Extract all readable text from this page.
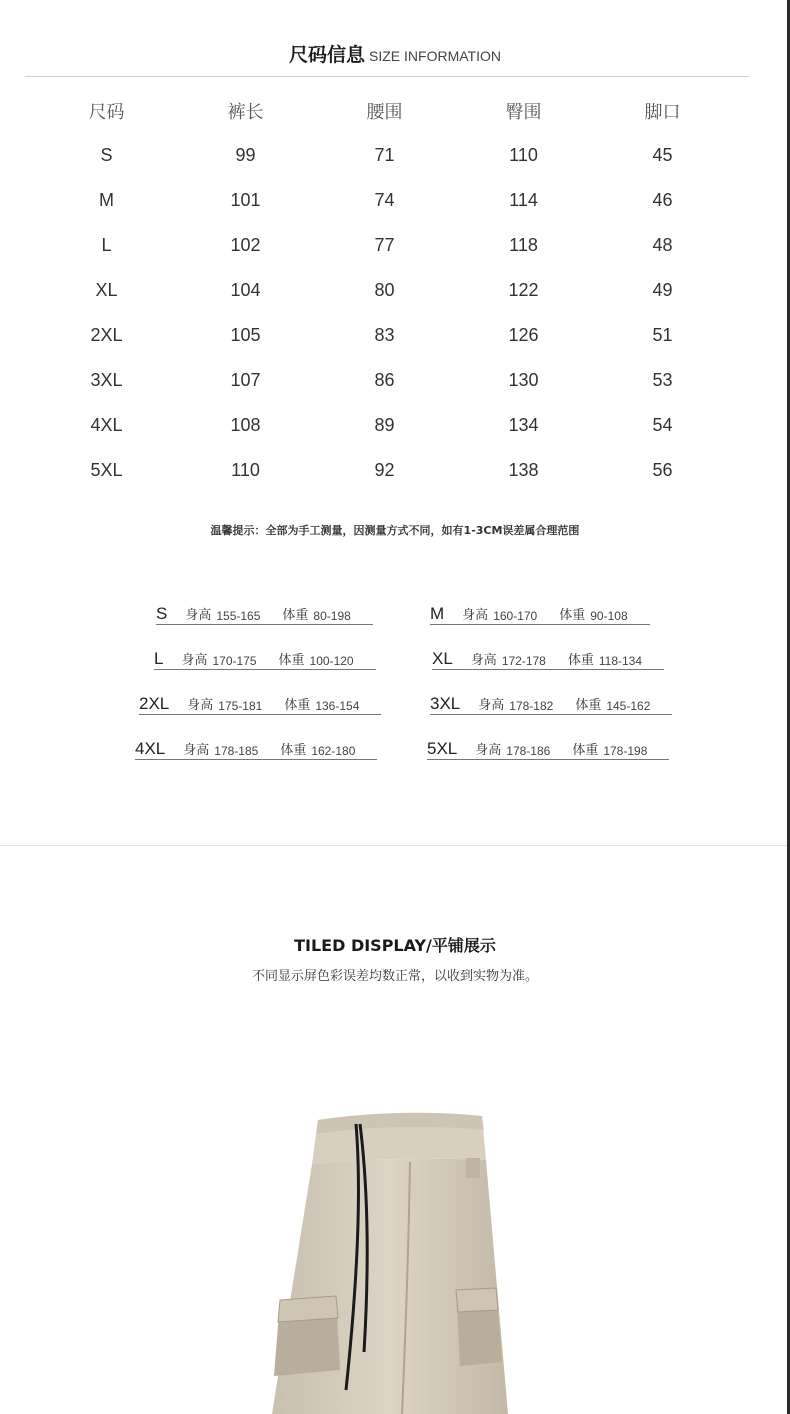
尺码信息 SIZE INFORMATION
尺码	裤长	腰围	臀围	脚口
S	99	71	110	45
M	101	74	114	46
L	102	77	118	48
XL	104	80	122	49
2XL	105	83	126	51
3XL	107	86	130	53
4XL	108	89	134	54
5XL	110	92	138	56
温馨提示：全部为手工测量，因测量方式不同，如有1-3CM误差属合理范围
S 身高 155-165 体重 80-198	M 身高 160-170 体重 90-108
L 身高 170-175 体重 100-120	XL 身高 172-178 体重 118-134
2XL 身高 175-181 体重 136-154	3XL 身高 178-182 体重 145-162
4XL 身高 178-185 体重 162-180	5XL 身高 178-186 体重 178-198
TILED DISPLAY/平铺展示
不同显示屏色彩误差均数正常，以收到实物为准。
